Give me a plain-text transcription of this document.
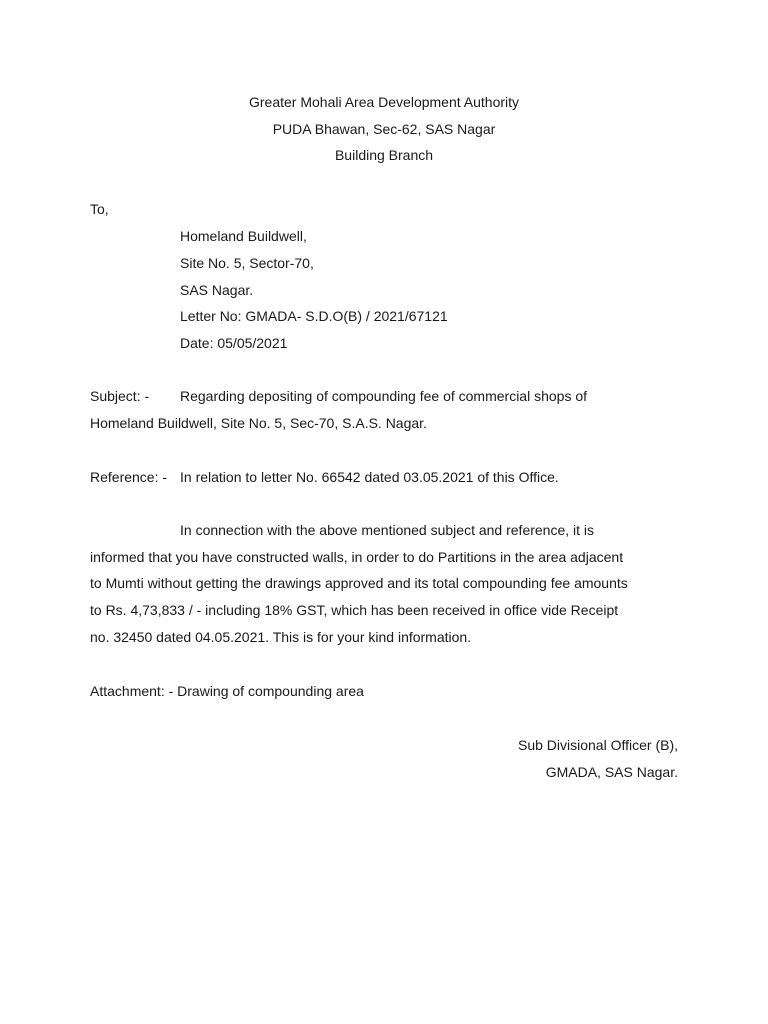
Greater Mohali Area Development Authority
PUDA Bhawan, Sec-62, SAS Nagar
Building Branch
To,
Homeland Buildwell,
Site No. 5, Sector-70,
SAS Nagar.
Letter No: GMADA- S.D.O(B) / 2021/67121
Date: 05/05/2021
Subject: - Regarding depositing of compounding fee of commercial shops of
Homeland Buildwell, Site No. 5, Sec-70, S.A.S. Nagar.
Reference: - In relation to letter No. 66542 dated 03.05.2021 of this Office.
In connection with the above mentioned subject and reference, it is
informed that you have constructed walls, in order to do Partitions in the area adjacent
to Mumti without getting the drawings approved and its total compounding fee amounts
to Rs. 4,73,833 / - including 18% GST, which has been received in office vide Receipt
no. 32450 dated 04.05.2021. This is for your kind information.
Attachment: - Drawing of compounding area
Sub Divisional Officer (B),
GMADA, SAS Nagar.
